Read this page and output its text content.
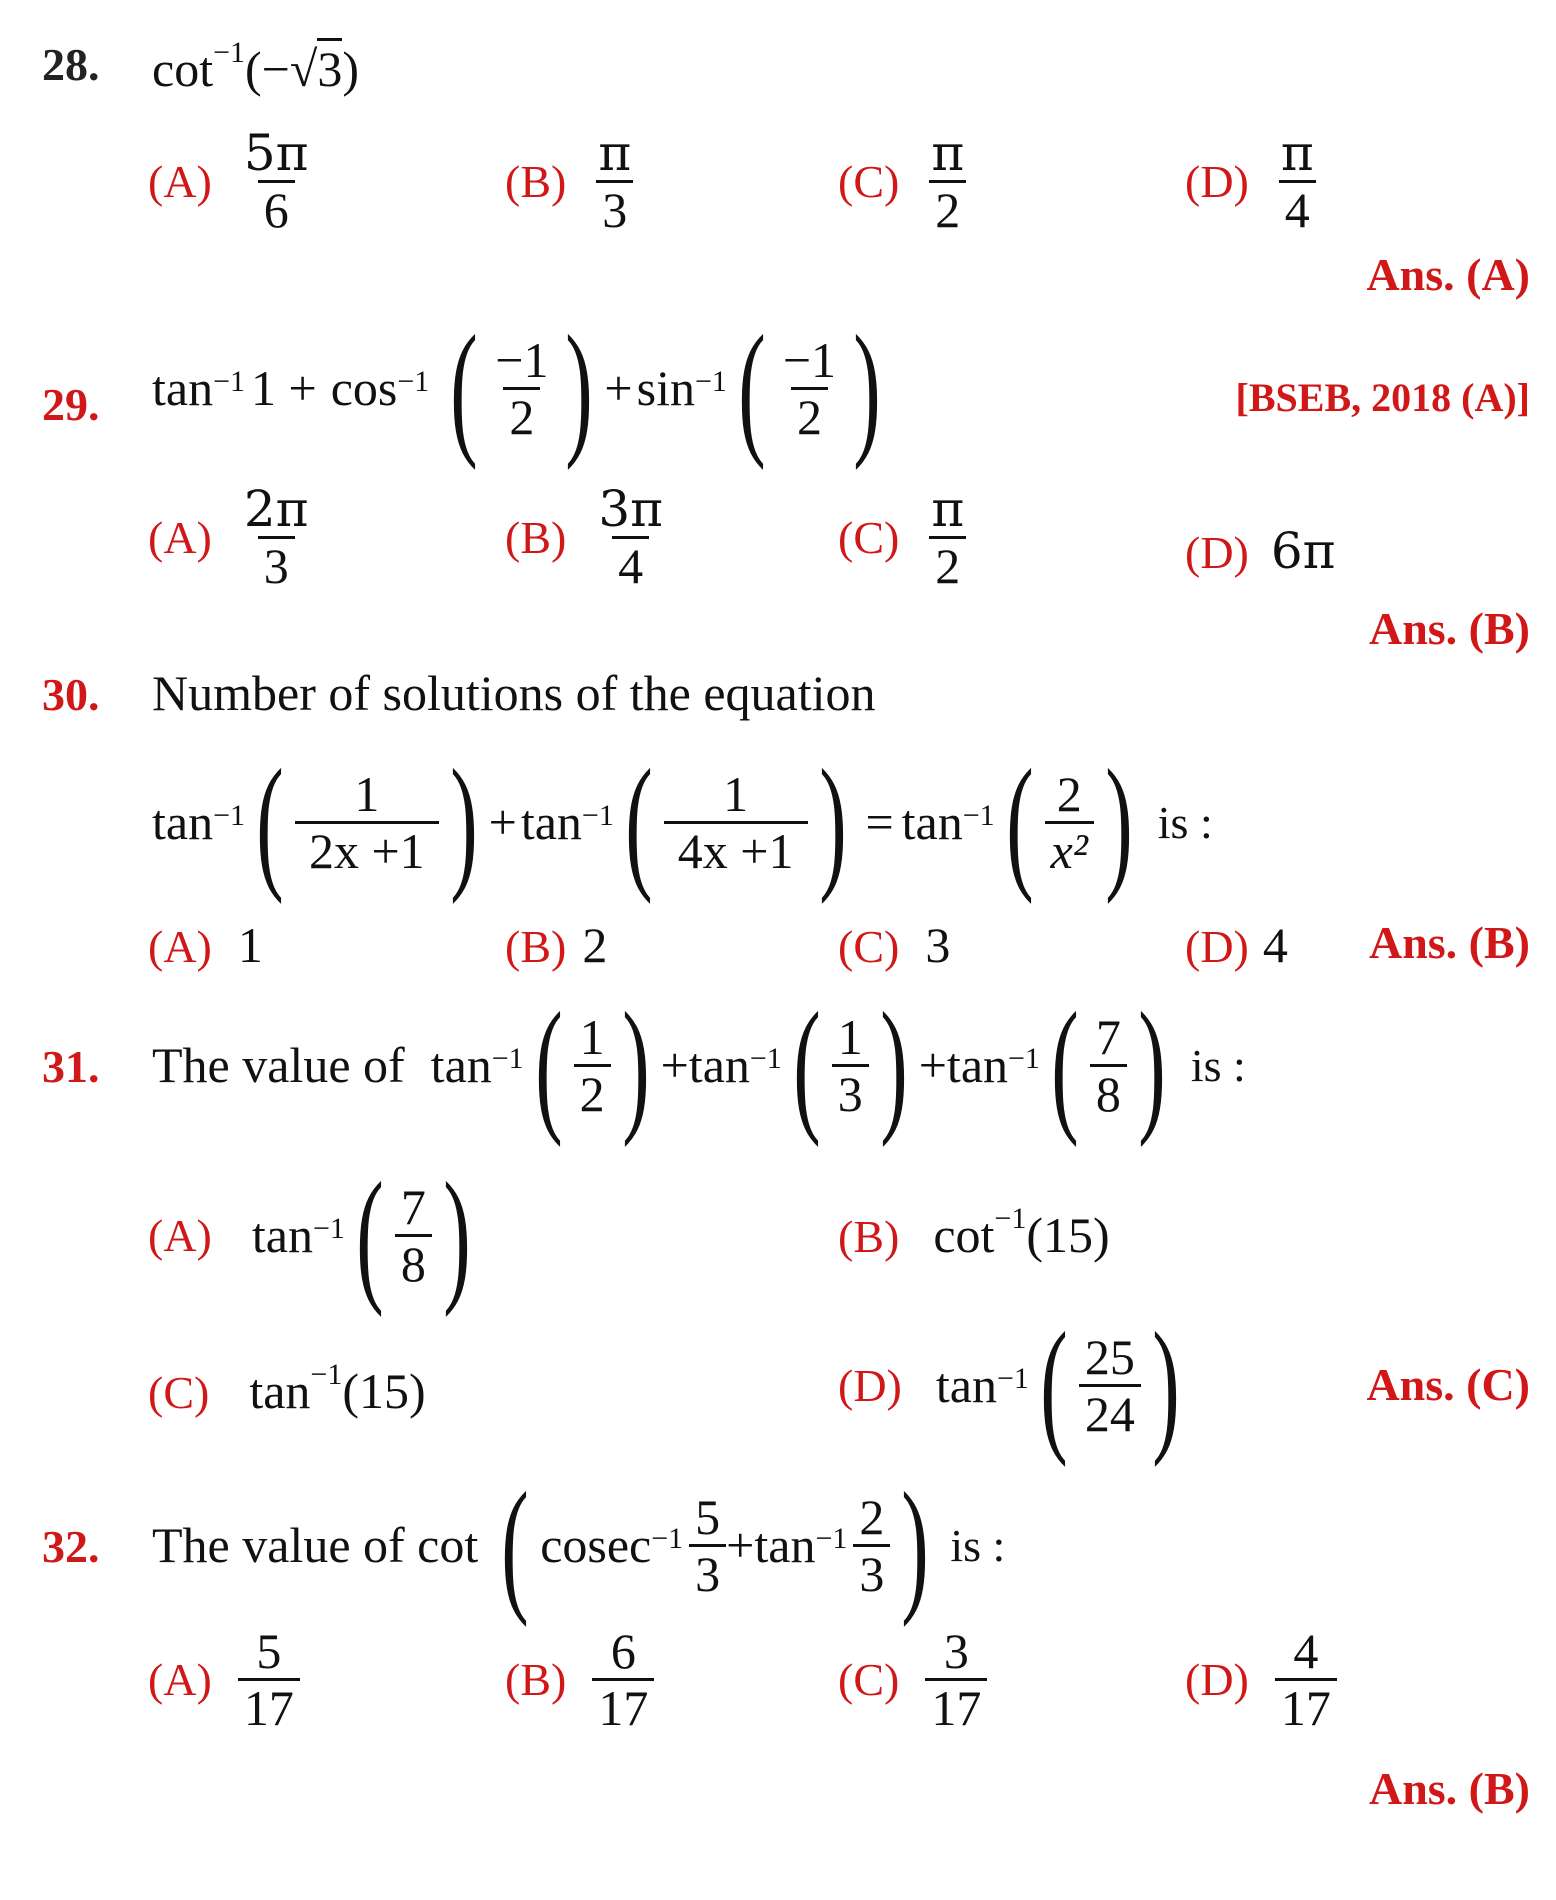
28. $\cot^{-1}(-√3)$
$(A) \frac{5\pi}{6}$	$(B) \frac{\pi}{3}$	$(C) \frac{\pi}{2}$	$(D) \frac{\pi}{4}$
Ans. (A)
29. $\tan^{-1} 1 + \cos^{-1}$ ( $\frac{-1}{2}$ ) + $\sin^{-1}$ ( $\frac{-1}{2}$ )	[BSEB, 2018 (A)]
$(A) \frac{2\pi}{3}$	$(B) \frac{3\pi}{4}$	$(C) \frac{\pi}{2}$	(D) 6π
Ans. (B)
30. Number of solutions of the equation
$\tan^{-1}$ ( $\frac{1}{2x +1}$ ) + $\tan^{-1}$ ( $\frac{1}{4x +1}$ ) = $\tan^{-1}$ ( $\frac{2}{\text{x²}}$ ) is :
(A) 1	(B) 2	(C) 3	(D) 4 Ans. (B)
31. The value of $\tan^{-1}$ ( $\frac{1}{2}$ ) + $\tan^{-1}$ ( $\frac{1}{3}$ ) + $\tan^{-1}$ ( $\frac{7}{8}$ ) is :
(A) $\tan^{-1}$ ( $\frac{7}{8}$ )	(B) $\cot^{-1}(15)$
(C) $\tan^{-1}(15)$	(D) $\tan^{-1}$ ( $\frac{25}{24}$ )	Ans. (C)
32. The value of cot ( $cosec^{-1} \frac{5}{3} + \tan^{-1} \frac{2}{3}$ ) is :
$(A) \frac{5}{17}$	$(B) \frac{6}{17}$	$(C) \frac{3}{17}$	$(D) \frac{4}{17}$
Ans. (B)
